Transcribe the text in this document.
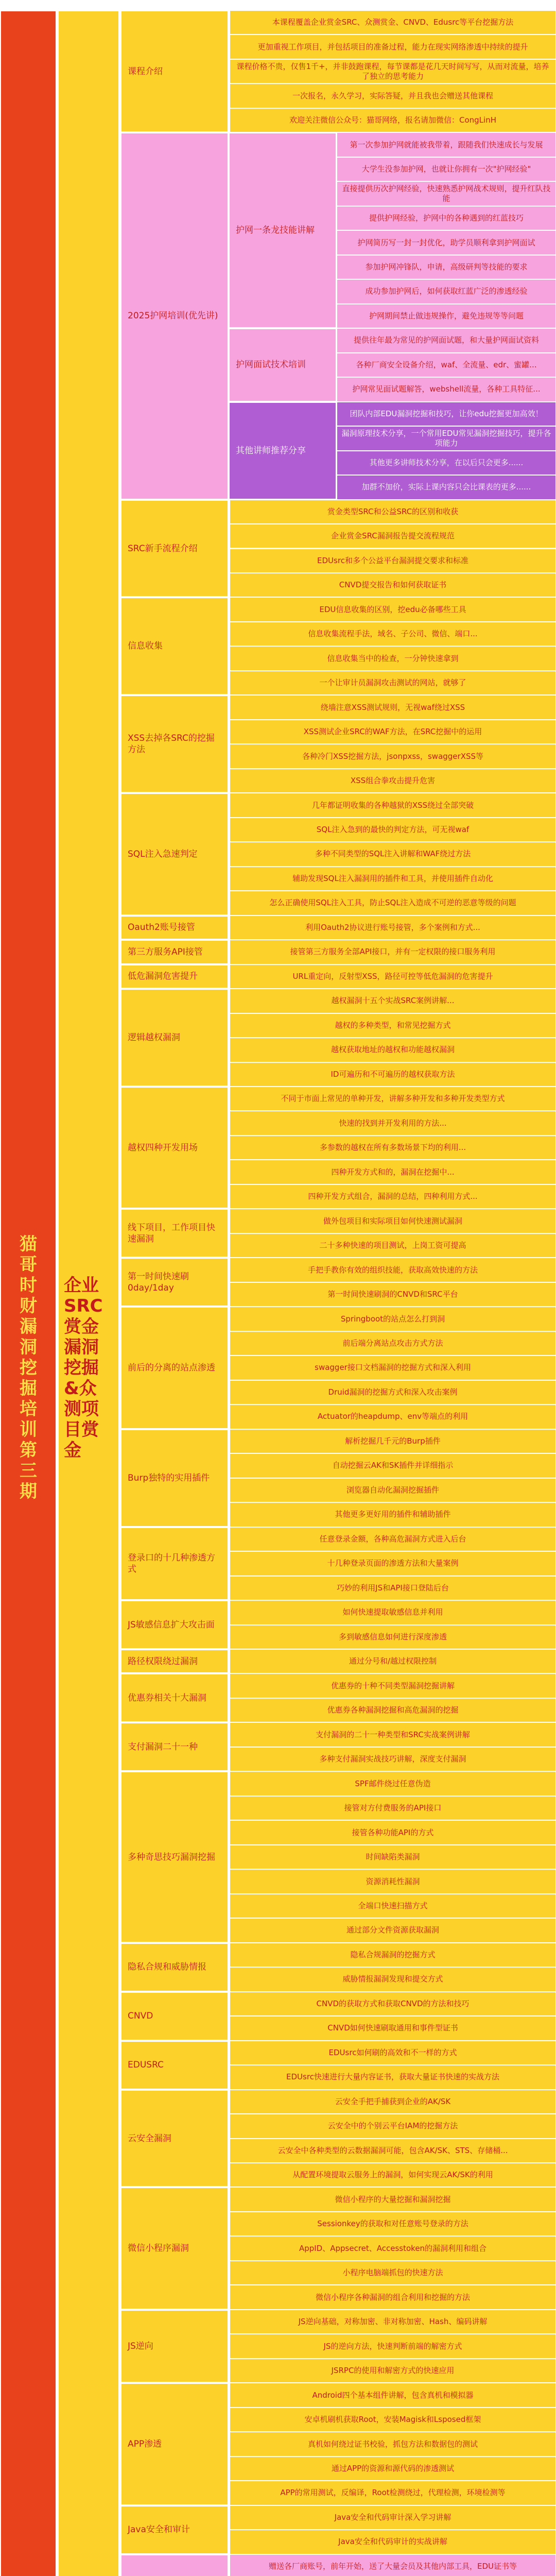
课程介绍
本课程覆盖企业赏金SRC、众测赏金、CNVD、Edusrc等平台挖掘方法
更加重视工作项目，并包括项目的准备过程，能力在现实网络渗透中持续的提升
课程价格不贵，仅售1千+，并非鼓跑课程，每节课都是花几天时间写写，从而对流量，培养了独立的思考能力
一次报名，永久学习，实际答疑，并且我也会赠送其他课程
欢迎关注微信公众号：猫哥网络，报名请加微信：CongLinH
2025护网培训(优先讲)
护网一条龙技能讲解
第一次参加护网就能被我带着，跟随我们快速成长与发展
大学生没参加护网，也就让你拥有一次"护网经验"
直接提供历次护网经验，快速熟悉护网战术规则，提升红队技能
提供护网经验，护网中的各种遇到的红蓝技巧
护网简历写一封一封优化，助学员顺利拿到护网面试
参加护网冲锋队，申请，高级研判等技能的要求
成功参加护网后，如何获取红蓝广泛的渗透经验
护网期间禁止做违规操作，避免违规等等问题
护网面试技术培训
提供往年最为常见的护网面试题，和大量护网面试资料
各种厂商安全设备介绍，waf、全流量、edr、蜜罐...
护网常见面试题解答，webshell流量，各种工具特征...
其他讲师推荐分享
团队内部EDU漏洞挖掘和技巧，让你edu挖掘更加高效！
漏洞原理技术分享，一个常用EDU常见漏洞挖掘技巧，提升各项能力
其他更多讲师技术分享，在以后只会更多......
加群不加价，实际上课内容只会比课表的更多......
SRC新手流程介绍
赏金类型SRC和公益SRC的区别和收获
企业赏金SRC漏洞报告提交流程规范
EDUsrc和多个公益平台漏洞提交要求和标准
CNVD提交报告和如何获取证书
信息收集
EDU信息收集的区别，挖edu必备哪些工具
信息收集流程手法，域名、子公司、微信、端口...
信息收集当中的检查，一分钟快速拿到
一个让审计员漏洞攻击测试的网站，就够了
XSS去掉各SRC的挖掘方法
绕墙注意XSS测试规则，无视waf绕过XSS
XSS测试企业SRC的WAF方法，在SRC挖掘中的运用
各种冷门XSS挖掘方法，jsonpxss，swaggerXSS等
XSS组合拳攻击提升危害
SQL注入急速判定
几年都证明收集的各种越狱的XSS绕过全部突破
SQL注入急到的最快的判定方法，可无视waf
多种不同类型的SQL注入讲解和WAF绕过方法
辅助发现SQL注入漏洞用的插件和工具，并使用插件自动化
怎么正确使用SQL注入工具，防止SQL注入造成不可逆的恶意等级的问题
Oauth2账号接管	利用Oauth2协议进行账号接管，多个案例和方式...
第三方服务API接管	接管第三方服务全部API接口，并有一定权限的接口服务利用
低危漏洞危害提升	URL重定向，反射型XSS，路径可控等低危漏洞的危害提升
逻辑越权漏洞
越权漏洞十五个实战SRC案例讲解...
越权的多种类型，和常见挖掘方式
越权获取地址的越权和功能越权漏洞
ID可遍历和不可遍历的越权获取方法
越权四种开发用场
不同于市面上常见的单种开发，讲解多种开发和多种开发类型方式
快速的找到并开发利用的方法...
多参数的越权在所有多数场景下均的利用...
四种开发方式和的，漏洞在挖掘中...
四种开发方式组合，漏洞的总结，四种利用方式...
线下项目，工作项目快速漏洞
做外包项目和实际项目如何快速测试漏洞
二十多种快速的项目测试，上岗工资可提高
第一时间快速刷0day/1day
手把手教你有效的组织技能，获取高效快速的方法
第一时间快速刷洞的CNVD和SRC平台
前后的分离的站点渗透
Springboot的站点怎么打到洞
前后端分离站点攻击方式方法
swagger接口文档漏洞的挖掘方式和深入利用
Druid漏洞的挖掘方式和深入攻击案例
Actuator的heapdump、env等端点的利用
Burp独特的实用插件
解析挖掘几千元的Burp插件
自动挖掘云AK和SK插件并详细指示
浏览器自动化漏洞挖掘插件
其他更多更好用的插件和辅助插件
登录口的十几种渗透方式
任意登录金额，各种高危漏洞方式进入后台
十几种登录页面的渗透方法和大量案例
巧妙的利用JS和API接口登陆后台
JS敏感信息扩大攻击面
如何快速提取敏感信息并利用
多到敏感信息如何进行深度渗透
路径权限绕过漏洞	通过分号和/越过权限控制
优惠券相关十大漏洞
优惠券的十种不同类型漏洞挖掘讲解
优惠券各种漏洞挖掘和高危漏洞的挖掘
支付漏洞二十一种
支付漏洞的二十一种类型和SRC实战案例讲解
多种支付漏洞实战技巧讲解，深度支付漏洞
多种奇思技巧漏洞挖掘
SPF邮件绕过任意伪造
接管对方付费服务的API接口
接管各种功能API的方式
时间缺陷类漏洞
资源消耗性漏洞
全端口快速扫描方式
通过部分文件资源获取漏洞
隐私合规和威胁情报
隐私合规漏洞的挖掘方式
威胁情报漏洞发现和提交方式
CNVD
CNVD的获取方式和获取CNVD的方法和技巧
CNVD如何快速刷取通用和事件型证书
EDUSRC
EDUsrc如何刷的高效和不一样的方式
EDUsrc快速进行大量内容证书，获取大量证书快速的实战方法
云安全漏洞
云安全手把手捕获到企业的AK/SK
云安全中的个别云平台IAM的挖掘方法
云安全中各种类型的云数据漏洞可能，包含AK/SK、STS、存储桶...
从配置环境提取云服务上的漏洞，如何实现云AK/SK的利用
微信小程序漏洞
微信小程序的大量挖掘和漏洞挖掘
Sessionkey的获取和对任意账号登录的方法
AppID、Appsecret、Accesstoken的漏洞利用和组合
小程序电脑端抓包的快速方法
微信小程序各种漏洞的组合利用和挖掘的方法
JS逆向
JS逆向基础，对称加密、非对称加密、Hash、编码讲解
JS的逆向方法，快速判断前端的解密方式
JSRPC的使用和解密方式的快速应用
APP渗透
Android四个基本组件讲解，包含真机和模拟器
安卓机刷机获取Root，安装Magisk和Lsposed框架
真机如何绕过证书校验，抓包方法和数据包的测试
通过APP的资源和源代码的渗透测试
APP的常用测试，反编译，Root检测绕过，代理检测，环境检测等
Java安全和审计
Java安全和代码审计深入学习讲解
Java安全和代码审计的实战讲解
赠送各厂商账号，前年开始，送了大量会员及其他内部工具，EDU证书等
猫哥时财漏洞挖掘培训第三期
企业SRC赏金漏洞挖掘&众测项目赏金
